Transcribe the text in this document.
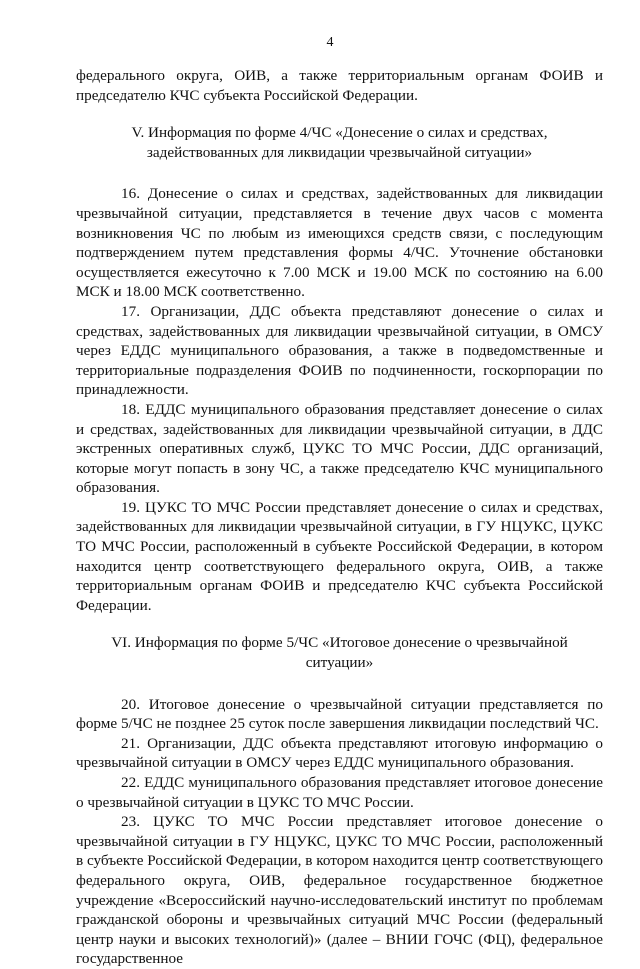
4

федерального округа, ОИВ, а также территориальным органам ФОИВ и председателю КЧС субъекта Российской Федерации.

V. Информация по форме 4/ЧС «Донесение о силах и средствах, задействованных для ликвидации чрезвычайной ситуации»

16. Донесение о силах и средствах, задействованных для ликвидации чрезвычайной ситуации, представляется в течение двух часов с момента возникновения ЧС по любым из имеющихся средств связи, с последующим подтверждением путем представления формы 4/ЧС. Уточнение обстановки осуществляется ежесуточно к 7.00 МСК и 19.00 МСК по состоянию на 6.00 МСК и 18.00 МСК соответственно.

17. Организации, ДДС объекта представляют донесение о силах и средствах, задействованных для ликвидации чрезвычайной ситуации, в ОМСУ через ЕДДС муниципального образования, а также в подведомственные и территориальные подразделения ФОИВ по подчиненности, госкорпорации по принадлежности.

18. ЕДДС муниципального образования представляет донесение о силах и средствах, задействованных для ликвидации чрезвычайной ситуации, в ДДС экстренных оперативных служб, ЦУКС ТО МЧС России, ДДС организаций, которые могут попасть в зону ЧС, а также председателю КЧС муниципального образования.

19. ЦУКС ТО МЧС России представляет донесение о силах и средствах, задействованных для ликвидации чрезвычайной ситуации, в ГУ НЦУКС, ЦУКС ТО МЧС России, расположенный в субъекте Российской Федерации, в котором находится центр соответствующего федерального округа, ОИВ, а также территориальным органам ФОИВ и председателю КЧС субъекта Российской Федерации.

VI. Информация по форме 5/ЧС «Итоговое донесение о чрезвычайной ситуации»

20. Итоговое донесение о чрезвычайной ситуации представляется по форме 5/ЧС не позднее 25 суток после завершения ликвидации последствий ЧС.

21. Организации, ДДС объекта представляют итоговую информацию о чрезвычайной ситуации в ОМСУ через ЕДДС муниципального образования.

22. ЕДДС муниципального образования представляет итоговое донесение о чрезвычайной ситуации в ЦУКС ТО МЧС России.

23. ЦУКС ТО МЧС России представляет итоговое донесение о чрезвычайной ситуации в ГУ НЦУКС, ЦУКС ТО МЧС России, расположенный в субъекте Российской Федерации, в котором находится центр соответствующего федерального округа, ОИВ, федеральное государственное бюджетное учреждение «Всероссийский научно-исследовательский институт по проблемам гражданской обороны и чрезвычайных ситуаций МЧС России (федеральный центр науки и высоких технологий)» (далее – ВНИИ ГОЧС (ФЦ), федеральное государственное
